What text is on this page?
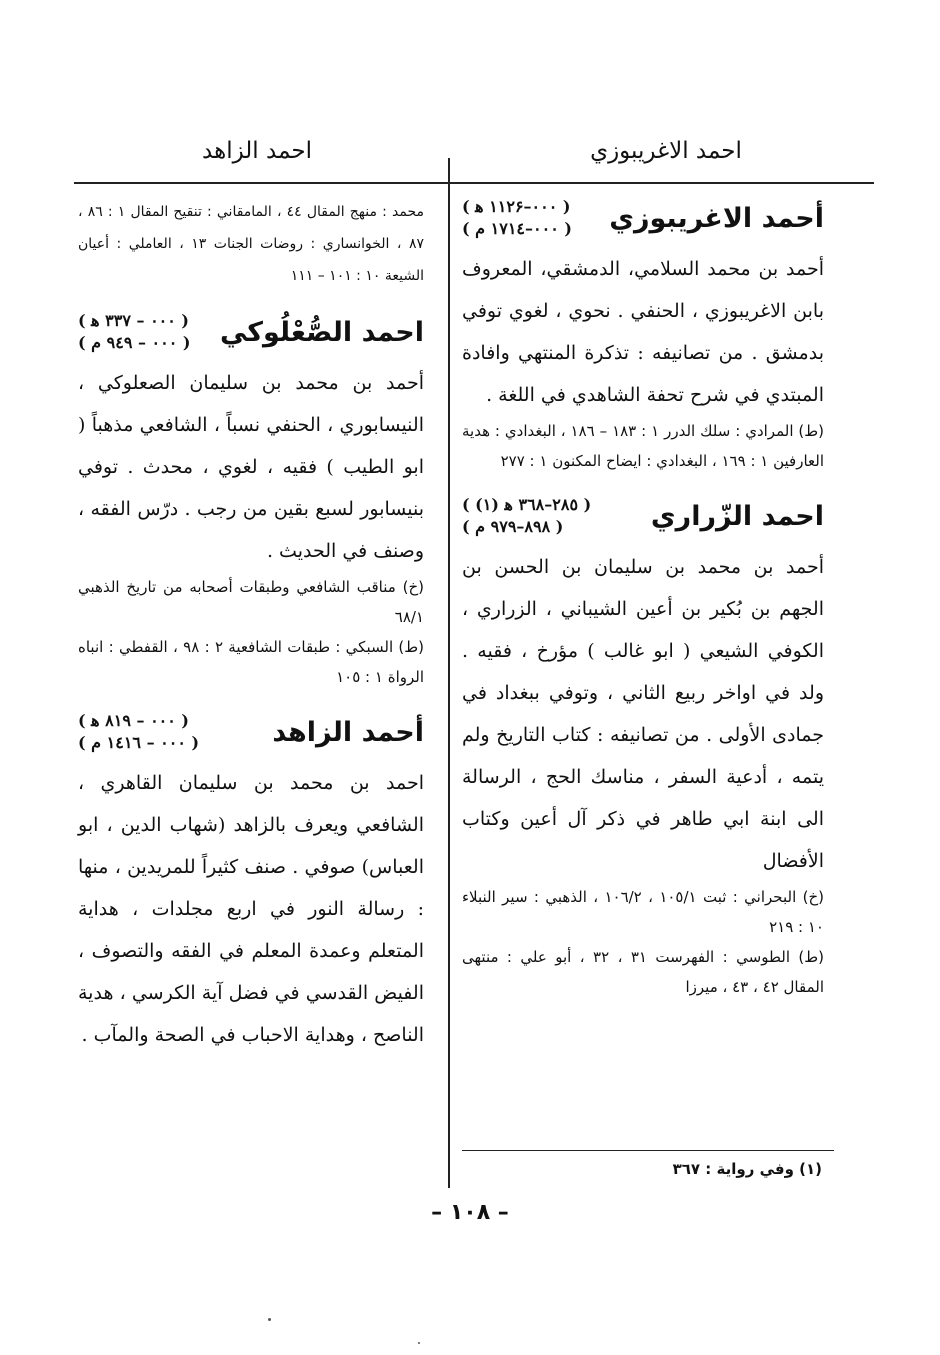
احمد الاغريبوزي
احمد الزاهد
أحمد الاغريبوزي
( ۰۰۰–۱۱۲۶ ﻫ )
( ۰۰۰–۱۷۱٤ م )
أحمد بن محمد السلامي، الدمشقي، المعروف بابن الاغريبوزي ، الحنفي . نحوي ، لغوي توفي بدمشق . من تصانيفه : تذكرة المنتهي وافادة المبتدي في شرح تحفة الشاهدي في اللغة .
(ط) المرادي : سلك الدرر ۱ : ۱۸۳ – ۱۸٦ ، البغدادي : هدية العارفين ۱ : ۱٦۹ ، البغدادي : ايضاح المكنون ۱ : ۲۷۷
احمد الزّراري
( ۲۸٥–۳٦۸ ﻫ (۱) )
( ۸۹۸–۹۷۹ م )
أحمد بن محمد بن سليمان بن الحسن بن الجهم بن بُكير بن أعين الشيباني ، الزراري ، الكوفي الشيعي ( ابو غالب ) مؤرخ ، فقيه . ولد في اواخر ربيع الثاني ، وتوفي ببغداد في جمادى الأولى . من تصانيفه : كتاب التاريخ ولم يتمه ، أدعية السفر ، مناسك الحج ، الرسالة الى ابنة ابي طاهر في ذكر آل أعين وكتاب الأفضال
(خ) البحراني : ثبت ١٠٥/١ ، ١٠٦/٢ ، الذهبي : سير النبلاء ١٠ : ٢١٩
(ط) الطوسي : الفهرست ٣١ ، ٣٢ ، أبو علي : منتهى المقال ٤٢ ، ٤٣ ، ميرزا
(١) وفي رواية : ٣٦٧
محمد : منهج المقال ٤٤ ، المامقاني : تنقيح المقال ١ : ٨٦ ، ٨٧ ، الخوانساري : روضات الجنات ١٣ ، العاملي : أعيان الشيعة ١٠ : ١٠١ – ١١١
احمد الصُّعْلُوكي
( ۰۰۰ – ۳۳۷ ﻫ )
( ۰۰۰ – ۹٤۹ م )
أحمد بن محمد بن سليمان الصعلوكي ، النيسابوري ، الحنفي نسباً ، الشافعي مذهباً ( ابو الطيب ) فقيه ، لغوي ، محدث . توفي بنيسابور لسبع بقين من رجب . درّس الفقه ، وصنف في الحديث .
(خ) مناقب الشافعي وطبقات أصحابه من تاريخ الذهبي ٦٨/١
(ط) السبكي : طبقات الشافعية ٢ : ٩٨ ، القفطي : انباه الرواة ١ : ١٠٥
أحمد الزاهد
( ۰۰۰ – ۸۱۹ ﻫ )
( ۰۰۰ – ۱٤۱٦ م )
احمد بن محمد بن سليمان القاهري ، الشافعي ويعرف بالزاهد (شهاب الدين ، ابو العباس) صوفي . صنف كثيراً للمريدين ، منها : رسالة النور في اربع مجلدات ، هداية المتعلم وعمدة المعلم في الفقه والتصوف ، الفيض القدسي في فضل آية الكرسي ، هدية الناصح ، وهداية الاحباب في الصحة والمآب .
– ١٠٨ –
